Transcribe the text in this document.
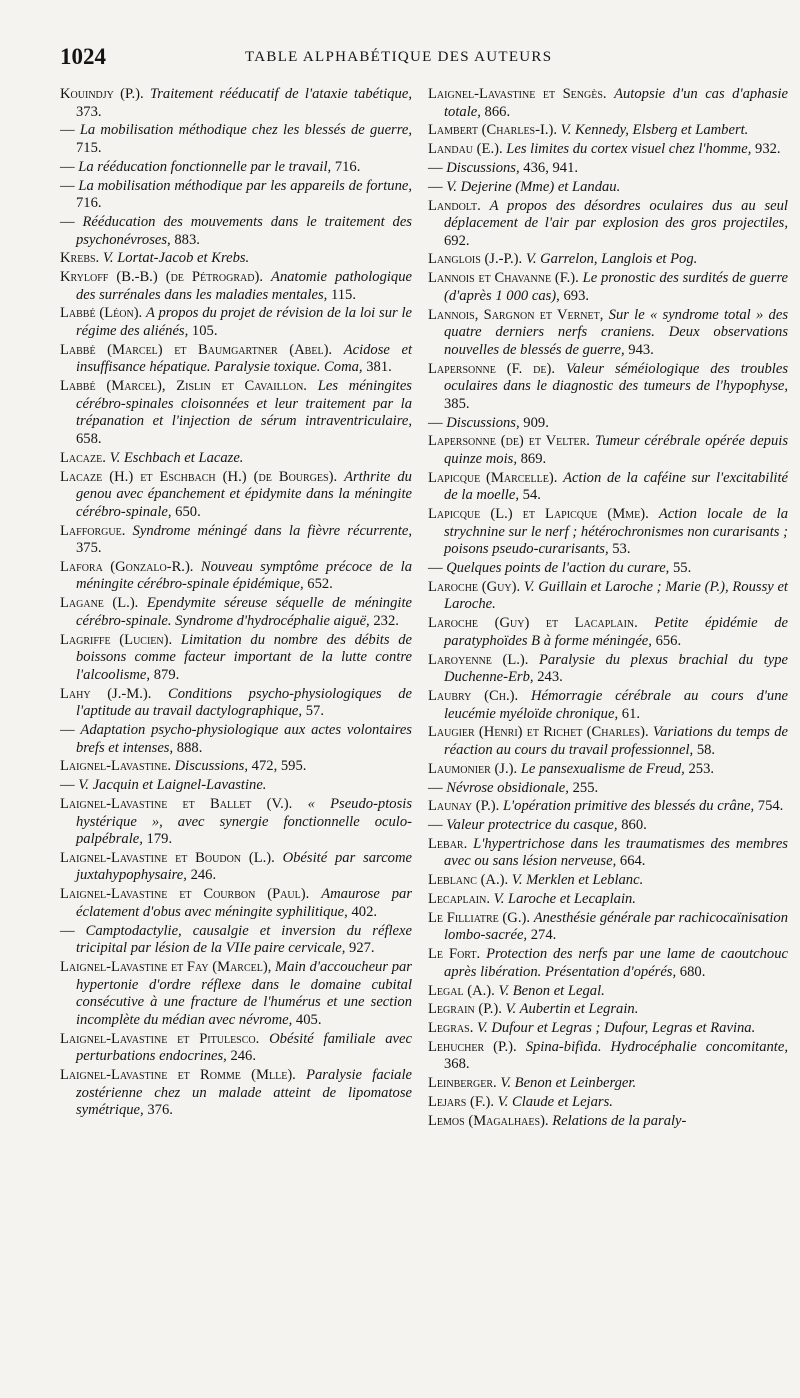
1024	TABLE ALPHABÉTIQUE DES AUTEURS

Kouindjy (P.). Traitement rééducatif de l'ataxie tabétique, 373.

— La mobilisation méthodique chez les blessés de guerre, 715.

— La rééducation fonctionnelle par le travail, 716.

— La mobilisation méthodique par les appareils de fortune, 716.

— Rééducation des mouvements dans le traitement des psychonévroses, 883.

Krebs. V. Lortat-Jacob et Krebs.

Kryloff (B.-B.) (de Pétrograd). Anatomie pathologique des surrénales dans les maladies mentales, 115.

Labbé (Léon). A propos du projet de révision de la loi sur le régime des aliénés, 105.

Labbé (Marcel) et Baumgartner (Abel). Acidose et insuffisance hépatique. Paralysie toxique. Coma, 381.

Labbé (Marcel), Zislin et Cavaillon. Les méningites cérébro-spinales cloisonnées et leur traitement par la trépanation et l'injection de sérum intraventriculaire, 658.

Lacaze. V. Eschbach et Lacaze.

Lacaze (H.) et Eschbach (H.) (de Bourges). Arthrite du genou avec épanchement et épidymite dans la méningite cérébro-spinale, 650.

Lafforgue. Syndrome méningé dans la fièvre récurrente, 375.

Lafora (Gonzalo-R.). Nouveau symptôme précoce de la méningite cérébro-spinale épidémique, 652.

Lagane (L.). Ependymite séreuse séquelle de méningite cérébro-spinale. Syndrome d'hydrocéphalie aiguë, 232.

Lagriffe (Lucien). Limitation du nombre des débits de boissons comme facteur important de la lutte contre l'alcoolisme, 879.

Lahy (J.-M.). Conditions psycho-physiologiques de l'aptitude au travail dactylographique, 57.

— Adaptation psycho-physiologique aux actes volontaires brefs et intenses, 888.

Laignel-Lavastine. Discussions, 472, 595.

— V. Jacquin et Laignel-Lavastine.

Laignel-Lavastine et Ballet (V.). « Pseudo-ptosis hystérique », avec synergie fonctionnelle oculo-palpébrale, 179.

Laignel-Lavastine et Boudon (L.). Obésité par sarcome juxtahypophysaire, 246.

Laignel-Lavastine et Courbon (Paul). Amaurose par éclatement d'obus avec méningite syphilitique, 402.

— Camptodactylie, causalgie et inversion du réflexe tricipital par lésion de la VIIe paire cervicale, 927.

Laignel-Lavastine et Fay (Marcel), Main d'accoucheur par hypertonie d'ordre réflexe dans le domaine cubital consécutive à une fracture de l'humérus et une section incomplète du médian avec névrome, 405.

Laignel-Lavastine et Pitulesco. Obésité familiale avec perturbations endocrines, 246.

Laignel-Lavastine et Romme (Mlle). Paralysie faciale zostérienne chez un malade atteint de lipomatose symétrique, 376.

Laignel-Lavastine et Sengès. Autopsie d'un cas d'aphasie totale, 866.

Lambert (Charles-I.). V. Kennedy, Elsberg et Lambert.

Landau (E.). Les limites du cortex visuel chez l'homme, 932.

— Discussions, 436, 941.

— V. Dejerine (Mme) et Landau.

Landolt. A propos des désordres oculaires dus au seul déplacement de l'air par explosion des gros projectiles, 692.

Langlois (J.-P.). V. Garrelon, Langlois et Pog.

Lannois et Chavanne (F.). Le pronostic des surdités de guerre (d'après 1 000 cas), 693.

Lannois, Sargnon et Vernet, Sur le « syndrome total » des quatre derniers nerfs craniens. Deux observations nouvelles de blessés de guerre, 943.

Lapersonne (F. de). Valeur séméiologique des troubles oculaires dans le diagnostic des tumeurs de l'hypophyse, 385.

— Discussions, 909.

Lapersonne (de) et Velter. Tumeur cérébrale opérée depuis quinze mois, 869.

Lapicque (Marcelle). Action de la caféine sur l'excitabilité de la moelle, 54.

Lapicque (L.) et Lapicque (Mme). Action locale de la strychnine sur le nerf ; hétérochronismes non curarisants ; poisons pseudo-curarisants, 53.

— Quelques points de l'action du curare, 55.

Laroche (Guy). V. Guillain et Laroche ; Marie (P.), Roussy et Laroche.

Laroche (Guy) et Lacaplain. Petite épidémie de paratyphoïdes B à forme méningée, 656.

Laroyenne (L.). Paralysie du plexus brachial du type Duchenne-Erb, 243.

Laubry (Ch.). Hémorragie cérébrale au cours d'une leucémie myéloïde chronique, 61.

Laugier (Henri) et Richet (Charles). Variations du temps de réaction au cours du travail professionnel, 58.

Laumonier (J.). Le pansexualisme de Freud, 253.

— Névrose obsidionale, 255.

Launay (P.). L'opération primitive des blessés du crâne, 754.

— Valeur protectrice du casque, 860.

Lebar. L'hypertrichose dans les traumatismes des membres avec ou sans lésion nerveuse, 664.

Leblanc (A.). V. Merklen et Leblanc.

Lecaplain. V. Laroche et Lecaplain.

Le Filliatre (G.). Anesthésie générale par rachicocaïnisation lombo-sacrée, 274.

Le Fort. Protection des nerfs par une lame de caoutchouc après libération. Présentation d'opérés, 680.

Legal (A.). V. Benon et Legal.

Legrain (P.). V. Aubertin et Legrain.

Legras. V. Dufour et Legras ; Dufour, Legras et Ravina.

Lehucher (P.). Spina-bifida. Hydrocéphalie concomitante, 368.

Leinberger. V. Benon et Leinberger.

Lejars (F.). V. Claude et Lejars.

Lemos (Magalhaes). Relations de la paraly-
